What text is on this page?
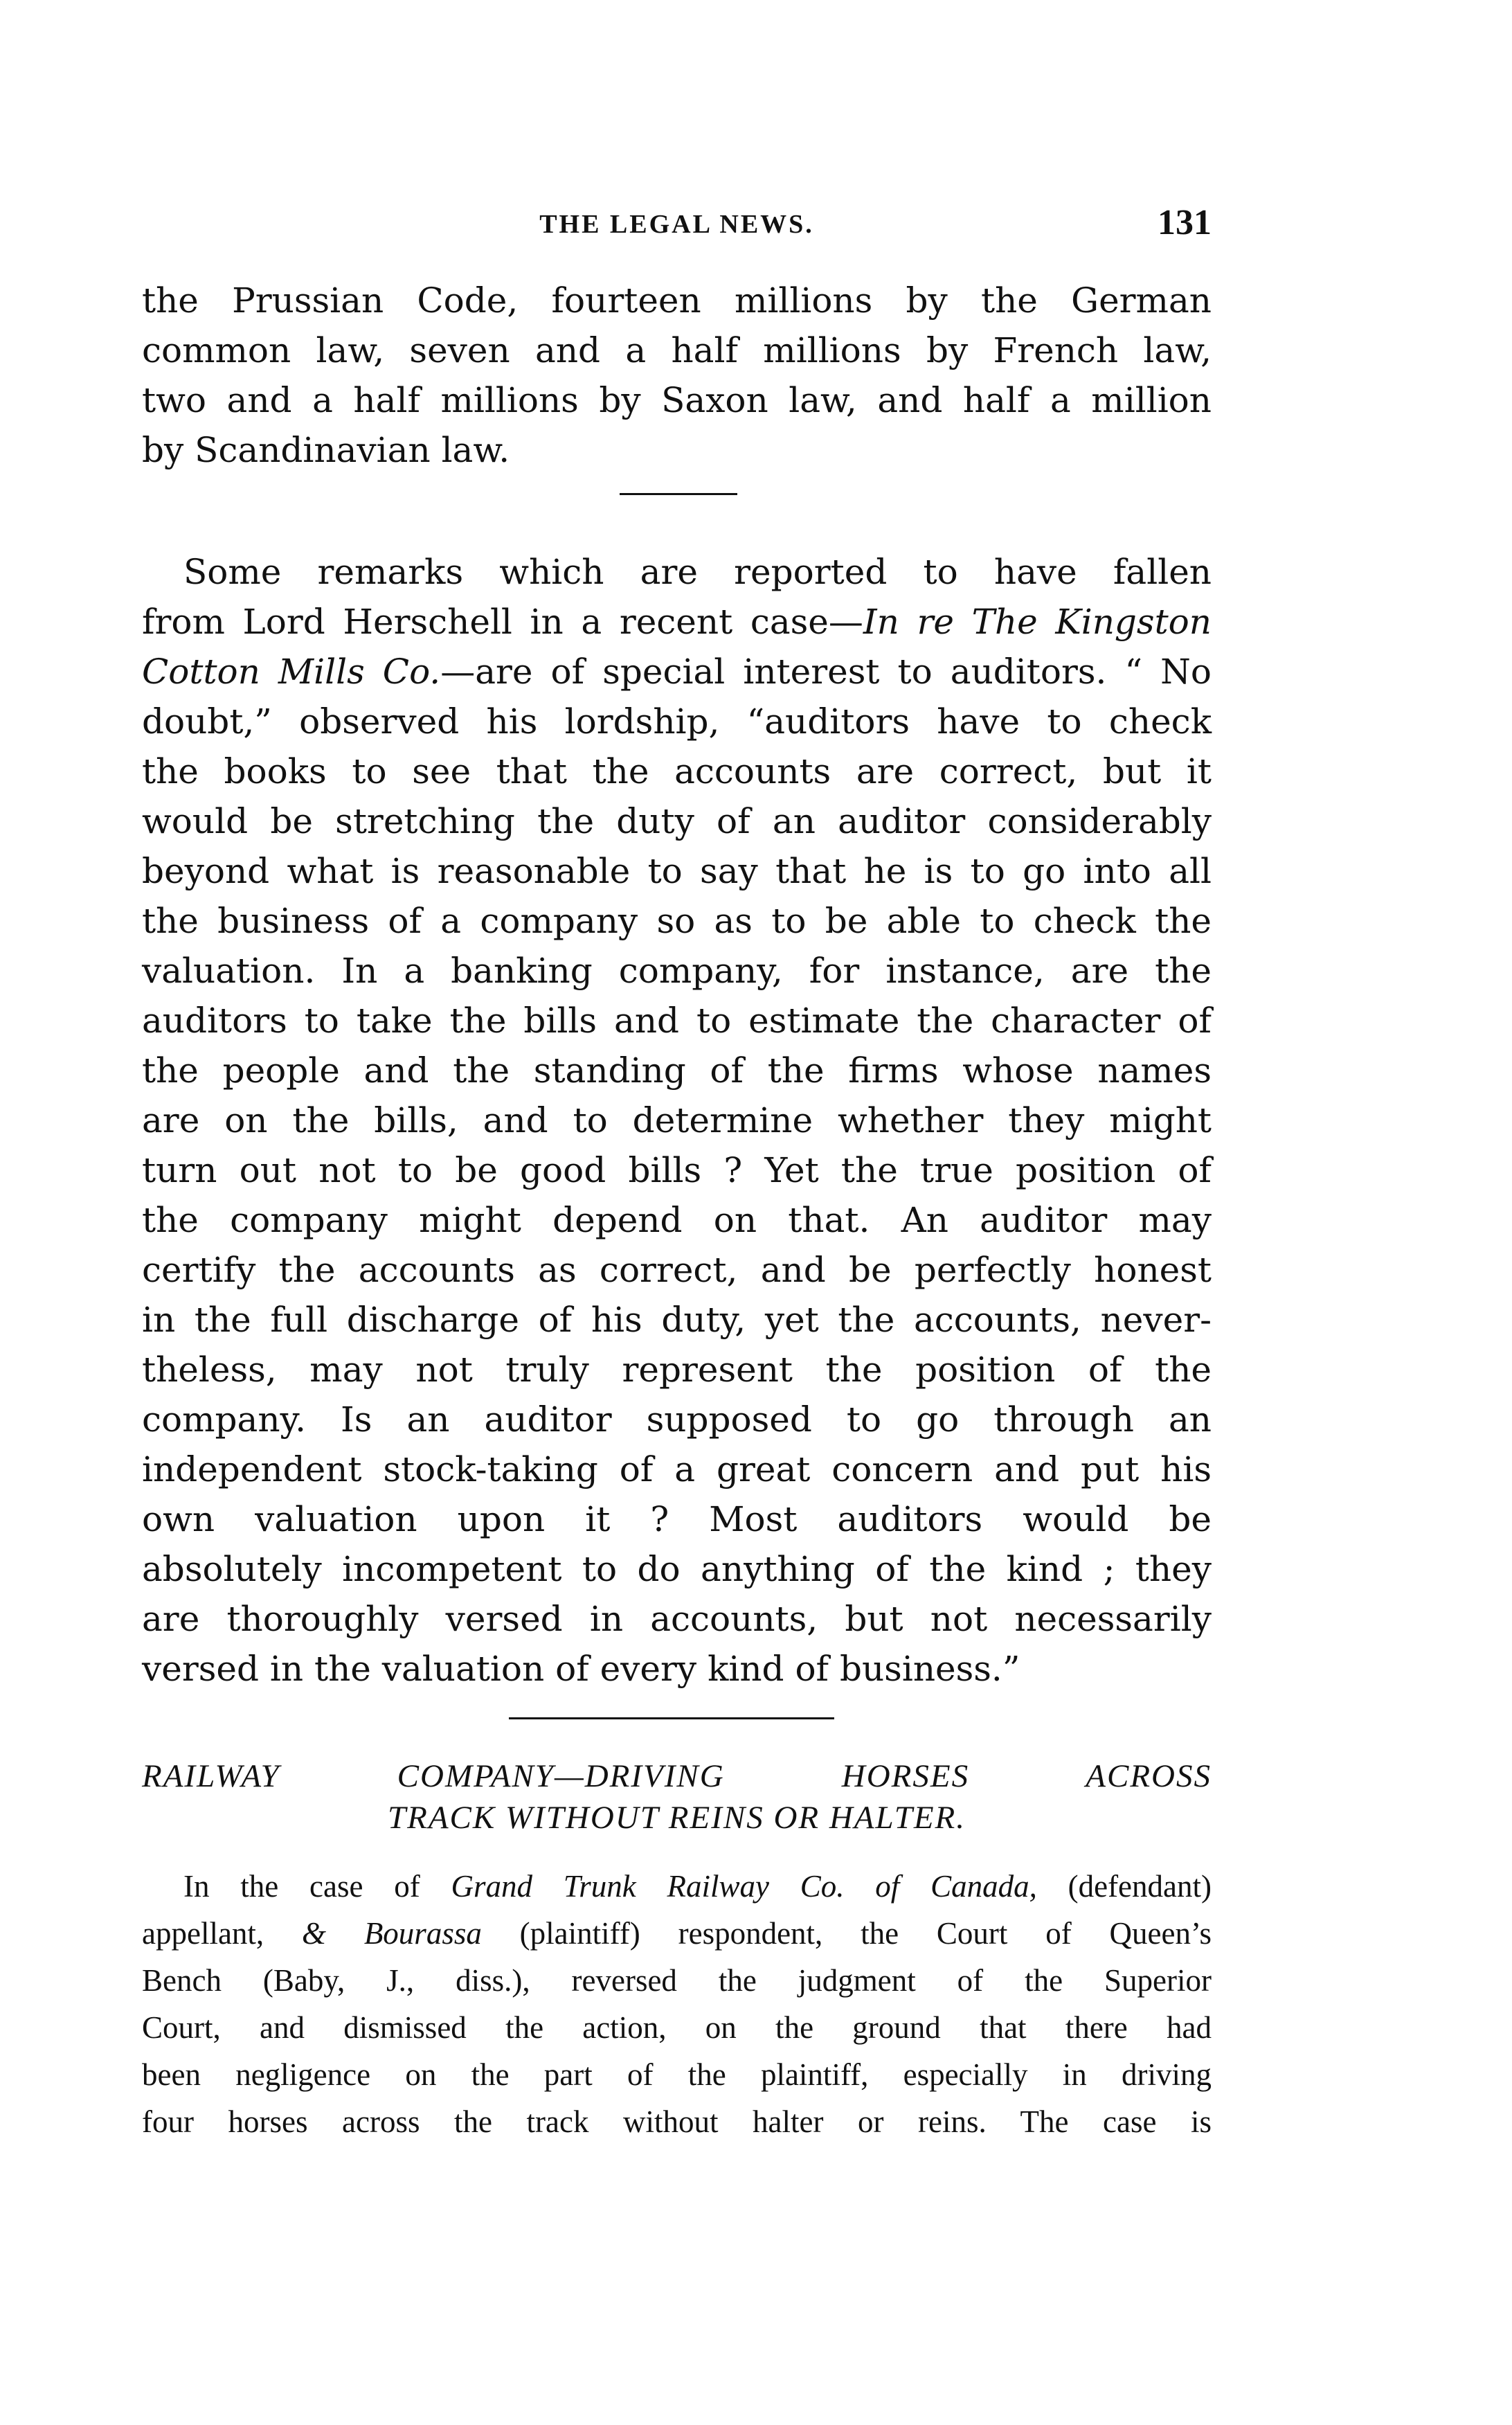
THE LEGAL NEWS.	131

the Prussian Code, fourteen millions by the German
common law, seven and a half millions by French law,
two and a half millions by Saxon law, and half a million
by Scandinavian law.

Some remarks which are reported to have fallen
from Lord Herschell in a recent case—In re The Kingston
Cotton Mills Co.—are of special interest to auditors. “ No
doubt,” observed his lordship, “auditors have to check
the books to see that the accounts are correct, but it
would be stretching the duty of an auditor considerably
beyond what is reasonable to say that he is to go into all
the business of a company so as to be able to check the
valuation. In a banking company, for instance, are the
auditors to take the bills and to estimate the character of
the people and the standing of the firms whose names
are on the bills, and to determine whether they might
turn out not to be good bills ? Yet the true position of
the company might depend on that. An auditor may
certify the accounts as correct, and be perfectly honest
in the full discharge of his duty, yet the accounts, never-
theless, may not truly represent the position of the
company. Is an auditor supposed to go through an
independent stock-taking of a great concern and put his
own valuation upon it ? Most auditors would be
absolutely incompetent to do anything of the kind ; they
are thoroughly versed in accounts, but not necessarily
versed in the valuation of every kind of business.”

RAILWAY COMPANY—DRIVING HORSES ACROSS
TRACK WITHOUT REINS OR HALTER.

In the case of Grand Trunk Railway Co. of Canada, (defendant)
appellant, & Bourassa (plaintiff) respondent, the Court of Queen’s
Bench (Baby, J., diss.), reversed the judgment of the Superior
Court, and dismissed the action, on the ground that there had
been negligence on the part of the plaintiff, especially in driving
four horses across the track without halter or reins. The case is
